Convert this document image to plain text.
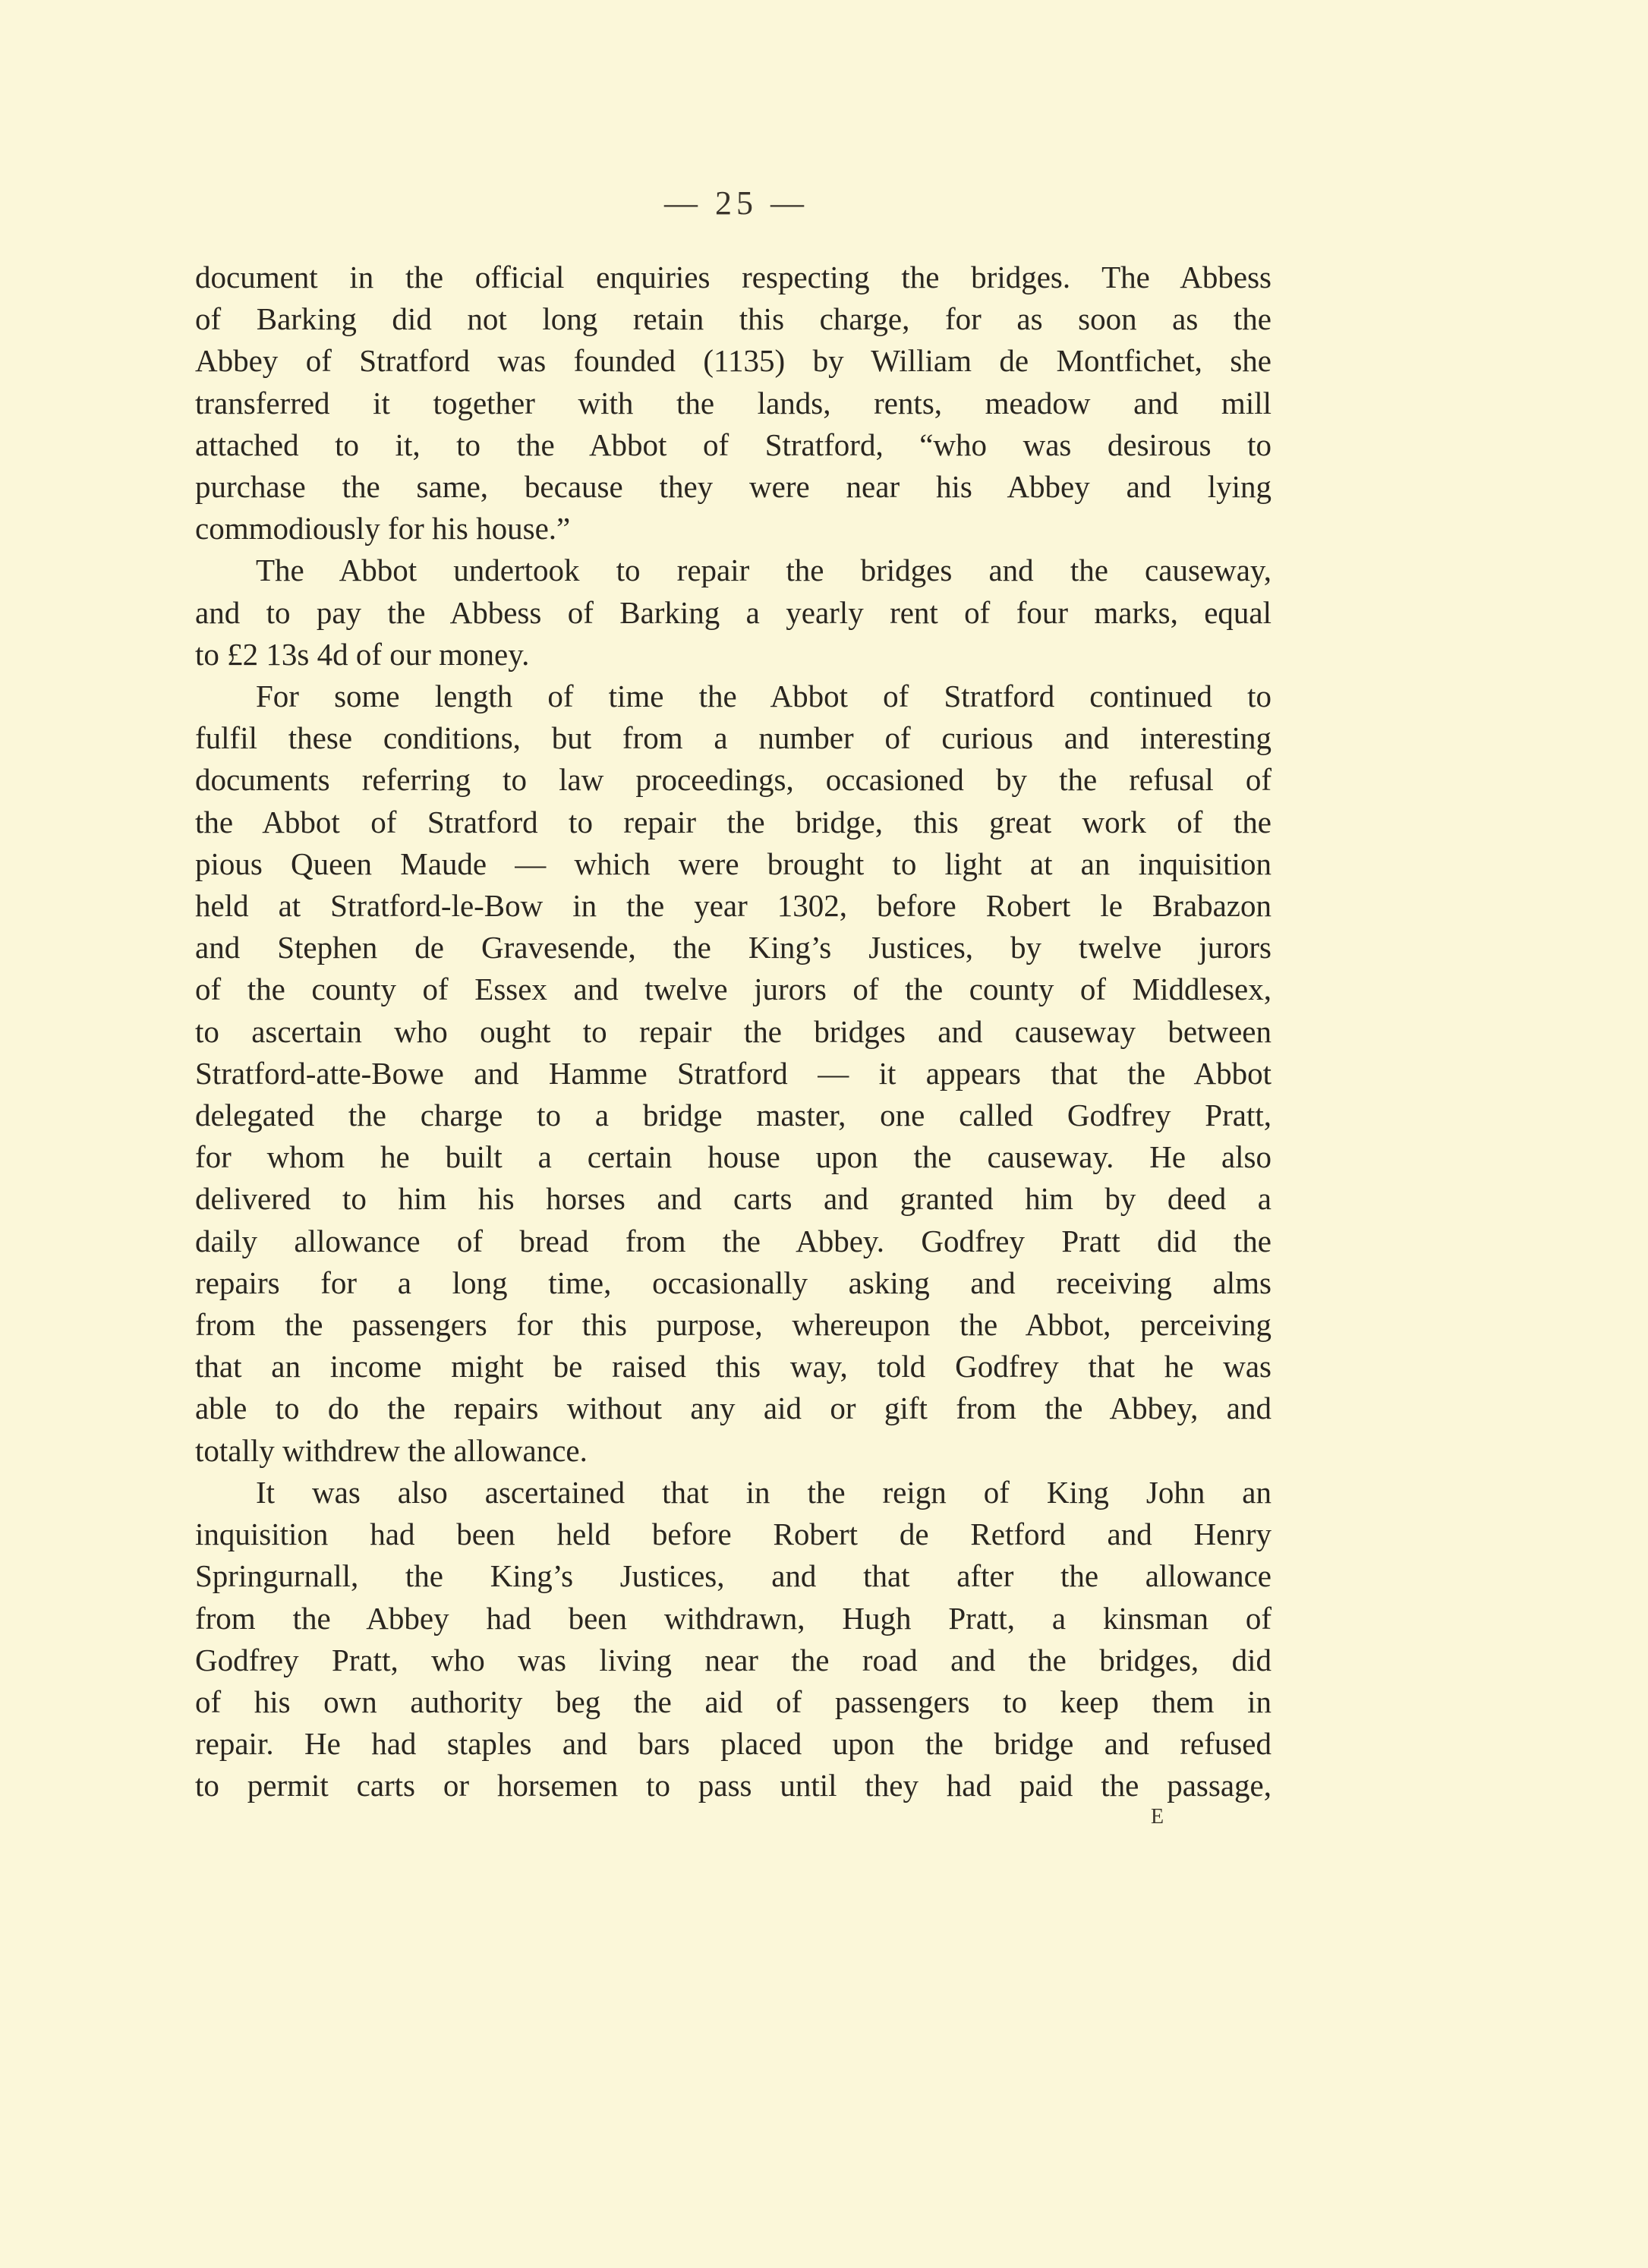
— 25 —

document in the official enquiries respecting the bridges. The Abbess
of Barking did not long retain this charge, for as soon as the
Abbey of Stratford was founded (1135) by William de Montfichet, she
transferred it together with the lands, rents, meadow and mill
attached to it, to the Abbot of Stratford, “who was desirous to
purchase the same, because they were near his Abbey and lying
commodiously for his house.”

The Abbot undertook to repair the bridges and the causeway,
and to pay the Abbess of Barking a yearly rent of four marks, equal
to £2 13s 4d of our money.

For some length of time the Abbot of Stratford continued to
fulfil these conditions, but from a number of curious and interesting
documents referring to law proceedings, occasioned by the refusal of
the Abbot of Stratford to repair the bridge, this great work of the
pious Queen Maude — which were brought to light at an inquisition
held at Stratford-le-Bow in the year 1302, before Robert le Brabazon
and Stephen de Gravesende, the King’s Justices, by twelve jurors
of the county of Essex and twelve jurors of the county of Middlesex,
to ascertain who ought to repair the bridges and causeway between
Stratford-atte-Bowe and Hamme Stratford — it appears that the Abbot
delegated the charge to a bridge master, one called Godfrey Pratt,
for whom he built a certain house upon the causeway. He also
delivered to him his horses and carts and granted him by deed a
daily allowance of bread from the Abbey. Godfrey Pratt did the
repairs for a long time, occasionally asking and receiving alms
from the passengers for this purpose, whereupon the Abbot, perceiving
that an income might be raised this way, told Godfrey that he was
able to do the repairs without any aid or gift from the Abbey, and
totally withdrew the allowance.

It was also ascertained that in the reign of King John an
inquisition had been held before Robert de Retford and Henry
Springurnall, the King’s Justices, and that after the allowance
from the Abbey had been withdrawn, Hugh Pratt, a kinsman of
Godfrey Pratt, who was living near the road and the bridges, did
of his own authority beg the aid of passengers to keep them in
repair. He had staples and bars placed upon the bridge and refused
to permit carts or horsemen to pass until they had paid the passage,

E
